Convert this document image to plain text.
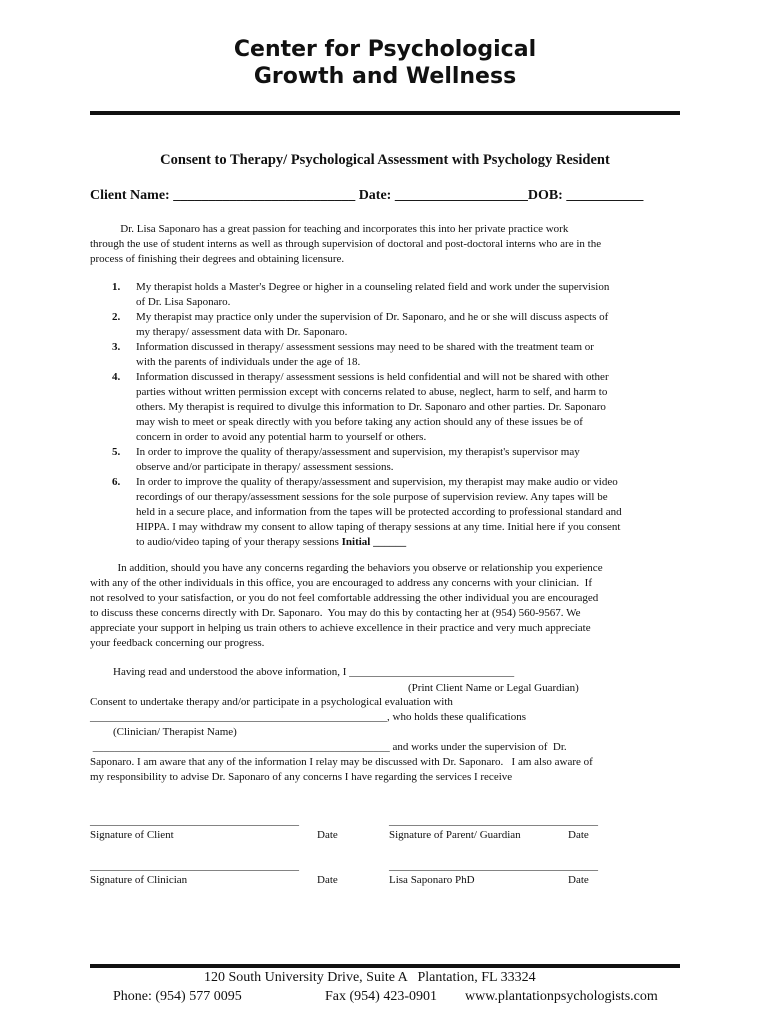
Center for Psychological
Growth and Wellness
Consent to Therapy/ Psychological Assessment with Psychology Resident
Client Name: __________________________ Date: ___________________DOB: ___________
Dr. Lisa Saponaro has a great passion for teaching and incorporates this into her private practice work
through the use of student interns as well as through supervision of doctoral and post-doctoral interns who are in the
process of finishing their degrees and obtaining licensure.
1. My therapist holds a Master's Degree or higher in a counseling related field and work under the supervision
of Dr. Lisa Saponaro.
2. My therapist may practice only under the supervision of Dr. Saponaro, and he or she will discuss aspects of
my therapy/ assessment data with Dr. Saponaro.
3. Information discussed in therapy/ assessment sessions may need to be shared with the treatment team or
with the parents of individuals under the age of 18.
4. Information discussed in therapy/ assessment sessions is held confidential and will not be shared with other
parties without written permission except with concerns related to abuse, neglect, harm to self, and harm to
others. My therapist is required to divulge this information to Dr. Saponaro and other parties. Dr. Saponaro
may wish to meet or speak directly with you before taking any action should any of these issues be of
concern in order to avoid any potential harm to yourself or others.
5. In order to improve the quality of therapy/assessment and supervision, my therapist's supervisor may
observe and/or participate in therapy/ assessment sessions.
6. In order to improve the quality of therapy/assessment and supervision, my therapist may make audio or video
recordings of our therapy/assessment sessions for the sole purpose of supervision review. Any tapes will be
held in a secure place, and information from the tapes will be protected according to professional standard and
HIPPA. I may withdraw my consent to allow taping of therapy sessions at any time. Initial here if you consent
to audio/video taping of your therapy sessions Initial ______
In addition, should you have any concerns regarding the behaviors you observe or relationship you experience
with any of the other individuals in this office, you are encouraged to address any concerns with your clinician.  If
not resolved to your satisfaction, or you do not feel comfortable addressing the other individual you are encouraged
to discuss these concerns directly with Dr. Saponaro.  You may do this by contacting her at (954) 560-9567. We
appreciate your support in helping us train others to achieve excellence in their practice and very much appreciate
your feedback concerning our progress.
Having read and understood the above information, I ______________________________
(Print Client Name or Legal Guardian)
Consent to undertake therapy and/or participate in a psychological evaluation with
______________________________________________________, who holds these qualifications
(Clinician/ Therapist Name)
______________________________________________________ and works under the supervision of  Dr.
Saponaro. I am aware that any of the information I relay may be discussed with Dr. Saponaro.   I am also aware of
my responsibility to advise Dr. Saponaro of any concerns I have regarding the services I receive
______________________________________	______________________________________
Signature of Client	Date	Signature of Parent/ Guardian	Date
______________________________________	______________________________________
Signature of Clinician	Date	Lisa Saponaro PhD	Date
120 South University Drive, Suite A   Plantation, FL 33324
Phone: (954) 577 0095	Fax (954) 423-0901 www.plantationpsychologists.com
